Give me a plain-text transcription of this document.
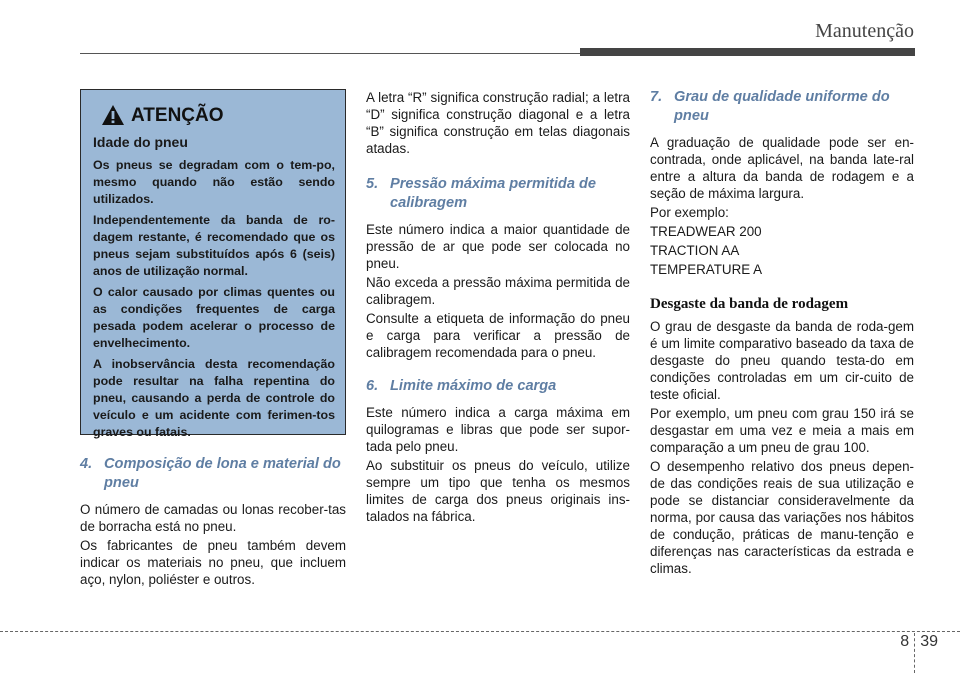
Manutenção
ATENÇÃO
Idade do pneu

Os pneus se degradam com o tem-po, mesmo quando não estão sendo utilizados.

Independentemente da banda de ro-dagem restante, é recomendado que os pneus sejam substituídos após 6 (seis) anos de utilização normal.

O calor causado por climas quentes ou as condições frequentes de carga pesada podem acelerar o processo de envelhecimento.

A inobservância desta recomendação pode resultar na falha repentina do pneu, causando a perda de controle do veículo e um acidente com ferimen-tos graves ou fatais.

4. Composição de lona e material do pneu

O número de camadas ou lonas recober-tas de borracha está no pneu.

Os fabricantes de pneu também devem indicar os materiais no pneu, que incluem aço, nylon, poliéster e outros.

A letra “R” significa construção radial; a letra “D” significa construção diagonal e a letra “B” significa construção em telas diagonais atadas.

5. Pressão máxima permitida de calibragem

Este número indica a maior quantidade de pressão de ar que pode ser colocada no pneu.

Não exceda a pressão máxima permitida de calibragem.

Consulte a etiqueta de informação do pneu e carga para verificar a pressão de calibragem recomendada para o pneu.

6. Limite máximo de carga

Este número indica a carga máxima em quilogramas e libras que pode ser supor-tada pelo pneu.

Ao substituir os pneus do veículo, utilize sempre um tipo que tenha os mesmos limites de carga dos pneus originais ins-talados na fábrica.

7. Grau de qualidade uniforme do pneu

A graduação de qualidade pode ser en-contrada, onde aplicável, na banda late-ral entre a altura da banda de rodagem e a seção de máxima largura.

Por exemplo:

TREADWEAR 200

TRACTION AA

TEMPERATURE A

Desgaste da banda de rodagem

O grau de desgaste da banda de roda-gem é um limite comparativo baseado da taxa de desgaste do pneu quando testa-do em condições controladas em um cir-cuito de teste oficial.

Por exemplo, um pneu com grau 150 irá se desgastar em uma vez e meia a mais em comparação a um pneu de grau 100.

O desempenho relativo dos pneus depen-de das condições reais de sua utilização e pode se distanciar consideravelmente da norma, por causa das variações nos hábitos de condução, práticas de manu-tenção e diferenças nas características da estrada e climas.

8 39
